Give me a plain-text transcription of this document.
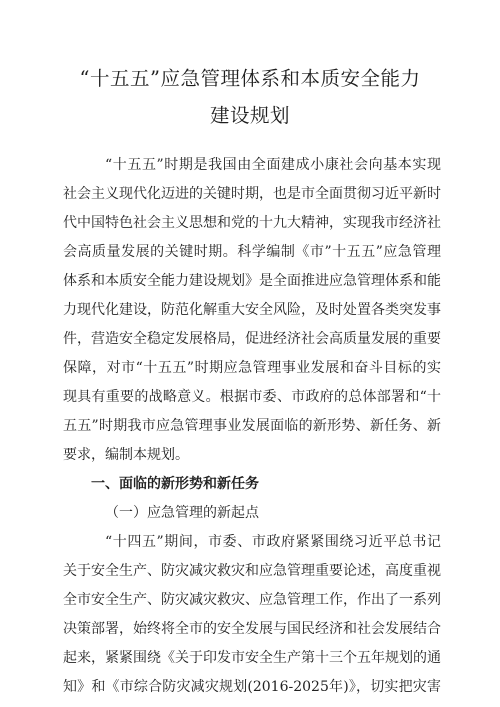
“十五五”应急管理体系和本质安全能力
建设规划
“十五五”时期是我国由全面建成小康社会向基本实现
社会主义现代化迈进的关键时期，也是市全面贯彻习近平新时
代中国特色社会主义思想和党的十九大精神，实现我市经济社
会高质量发展的关键时期。科学编制《市”十五五”应急管理
体系和本质安全能力建设规划》是全面推进应急管理体系和能
力现代化建设，防范化解重大安全风险，及时处置各类突发事
件，营造安全稳定发展格局，促进经济社会高质量发展的重要
保障，对市“十五五”时期应急管理事业发展和奋斗目标的实
现具有重要的战略意义。根据市委、市政府的总体部署和“十
五五”时期我市应急管理事业发展面临的新形势、新任务、新
要求，编制本规划。
一、面临的新形势和新任务
（一）应急管理的新起点
“十四五”期间，市委、市政府紧紧围绕习近平总书记
关于安全生产、防灾减灾救灾和应急管理重要论述，高度重视
全市安全生产、防灾减灾救灾、应急管理工作，作出了一系列
决策部署，始终将全市的安全发展与国民经济和社会发展结合
起来，紧紧围绕《关于印发市安全生产第十三个五年规划的通
知》和《市综合防灾减灾规划(2016-2025年)》，切实把灾害
